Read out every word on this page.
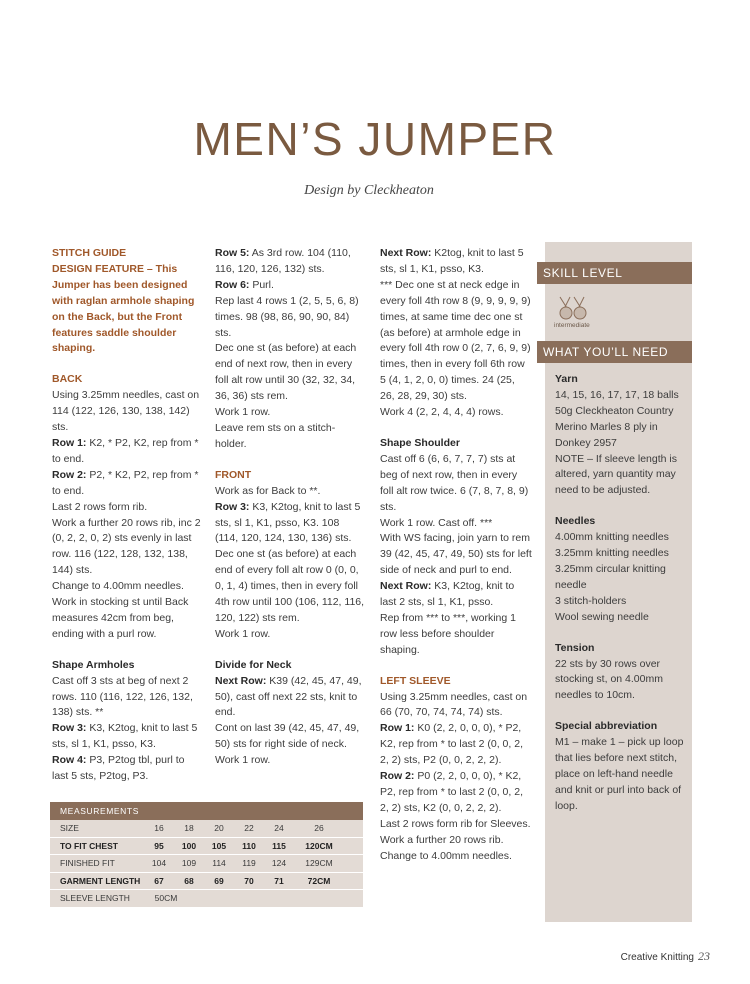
MEN’S JUMPER
Design by Cleckheaton

STITCH GUIDE

DESIGN FEATURE – This Jumper has been designed with raglan armhole shaping on the Back, but the Front features saddle shoulder shaping.

BACK

Using 3.25mm needles, cast on 114 (122, 126, 130, 138, 142) sts.

Row 1: K2, * P2, K2, rep from * to end.

Row 2: P2, * K2, P2, rep from * to end.

Last 2 rows form rib.

Work a further 20 rows rib, inc 2 (0, 2, 2, 0, 2) sts evenly in last row. 116 (122, 128, 132, 138, 144) sts.

Change to 4.00mm needles.

Work in stocking st until Back measures 42cm from beg, ending with a purl row.

Shape Armholes

Cast off 3 sts at beg of next 2 rows. 110 (116, 122, 126, 132, 138) sts. **

Row 3: K3, K2tog, knit to last 5 sts, sl 1, K1, psso, K3.

Row 4: P3, P2tog tbl, purl to last 5 sts, P2tog, P3.

Row 5: As 3rd row. 104 (110, 116, 120, 126, 132) sts.

Row 6: Purl.

Rep last 4 rows 1 (2, 5, 5, 6, 8) times. 98 (98, 86, 90, 90, 84) sts.

Dec one st (as before) at each end of next row, then in every foll alt row until 30 (32, 32, 34, 36, 36) sts rem.

Work 1 row.

Leave rem sts on a stitch-holder.

FRONT

Work as for Back to **.

Row 3: K3, K2tog, knit to last 5 sts, sl 1, K1, psso, K3. 108 (114, 120, 124, 130, 136) sts.

Dec one st (as before) at each end of every foll alt row 0 (0, 0, 0, 1, 4) times, then in every foll 4th row until 100 (106, 112, 116, 120, 122) sts rem.

Work 1 row.

Divide for Neck

Next Row: K39 (42, 45, 47, 49, 50), cast off next 22 sts, knit to end.

Cont on last 39 (42, 45, 47, 49, 50) sts for right side of neck.

Work 1 row.

Next Row: K2tog, knit to last 5 sts, sl 1, K1, psso, K3.

*** Dec one st at neck edge in every foll 4th row 8 (9, 9, 9, 9, 9) times, at same time dec one st (as before) at armhole edge in every foll 4th row 0 (2, 7, 6, 9, 9) times, then in every foll 6th row 5 (4, 1, 2, 0, 0) times. 24 (25, 26, 28, 29, 30) sts.

Work 4 (2, 2, 4, 4, 4) rows.

Shape Shoulder

Cast off 6 (6, 6, 7, 7, 7) sts at beg of next row, then in every foll alt row twice. 6 (7, 8, 7, 8, 9) sts.

Work 1 row. Cast off. ***

With WS facing, join yarn to rem 39 (42, 45, 47, 49, 50) sts for left side of neck and purl to end.

Next Row: K3, K2tog, knit to last 2 sts, sl 1, K1, psso.

Rep from *** to ***, working 1 row less before shoulder shaping.

LEFT SLEEVE

Using 3.25mm needles, cast on 66 (70, 70, 74, 74, 74) sts.

Row 1: K0 (2, 2, 0, 0, 0), * P2, K2, rep from * to last 2 (0, 0, 2, 2, 2) sts, P2 (0, 0, 2, 2, 2).

Row 2: P0 (2, 2, 0, 0, 0), * K2, P2, rep from * to last 2 (0, 0, 2, 2, 2) sts, K2 (0, 0, 2, 2, 2).

Last 2 rows form rib for Sleeves.

Work a further 20 rows rib.

Change to 4.00mm needles.

SKILL LEVEL
intermediate
WHAT YOU’LL NEED

Yarn

14, 15, 16, 17, 17, 18 balls 50g Cleckheaton Country Merino Marles 8 ply in Donkey 2957

NOTE – If sleeve length is altered, yarn quantity may need to be adjusted.

Needles

4.00mm knitting needles

3.25mm knitting needles

3.25mm circular knitting needle

3 stitch-holders

Wool sewing needle

Tension

22 sts by 30 rows over stocking st, on 4.00mm needles to 10cm.

Special abbreviation

M1 – make 1 – pick up loop that lies before next stitch, place on left-hand needle and knit or purl into back of loop.

MEASUREMENTS
SIZE	16	18	20	22	24	26
TO FIT CHEST	95	100	105	110	115	120CM
FINISHED FIT	104	109	114	119	124	129CM
GARMENT LENGTH	67	68	69	70	71	72CM
SLEEVE LENGTH	50CM
Creative Knitting 23
